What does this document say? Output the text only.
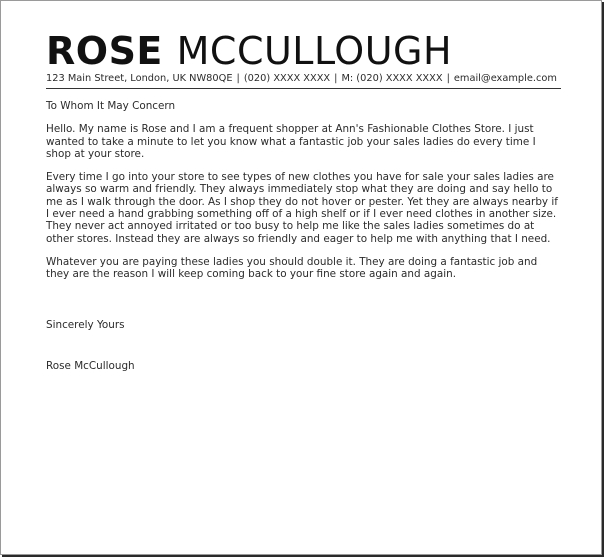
ROSE MCCULLOUGH
123 Main Street, London, UK NW80QE | (020) XXXX XXXX | M: (020) XXXX XXXX | email@example.com

To Whom It May Concern

Hello. My name is Rose and I am a frequent shopper at Ann's Fashionable Clothes Store. I just wanted to take a minute to let you know what a fantastic job your sales ladies do every time I shop at your store.

Every time I go into your store to see types of new clothes you have for sale your sales ladies are always so warm and friendly. They always immediately stop what they are doing and say hello to me as I walk through the door. As I shop they do not hover or pester. Yet they are always nearby if I ever need a hand grabbing something off of a high shelf or if I ever need clothes in another size. They never act annoyed irritated or too busy to help me like the sales ladies sometimes do at other stores. Instead they are always so friendly and eager to help me with anything that I need.

Whatever you are paying these ladies you should double it. They are doing a fantastic job and they are the reason I will keep coming back to your fine store again and again.

Sincerely Yours

Rose McCullough
